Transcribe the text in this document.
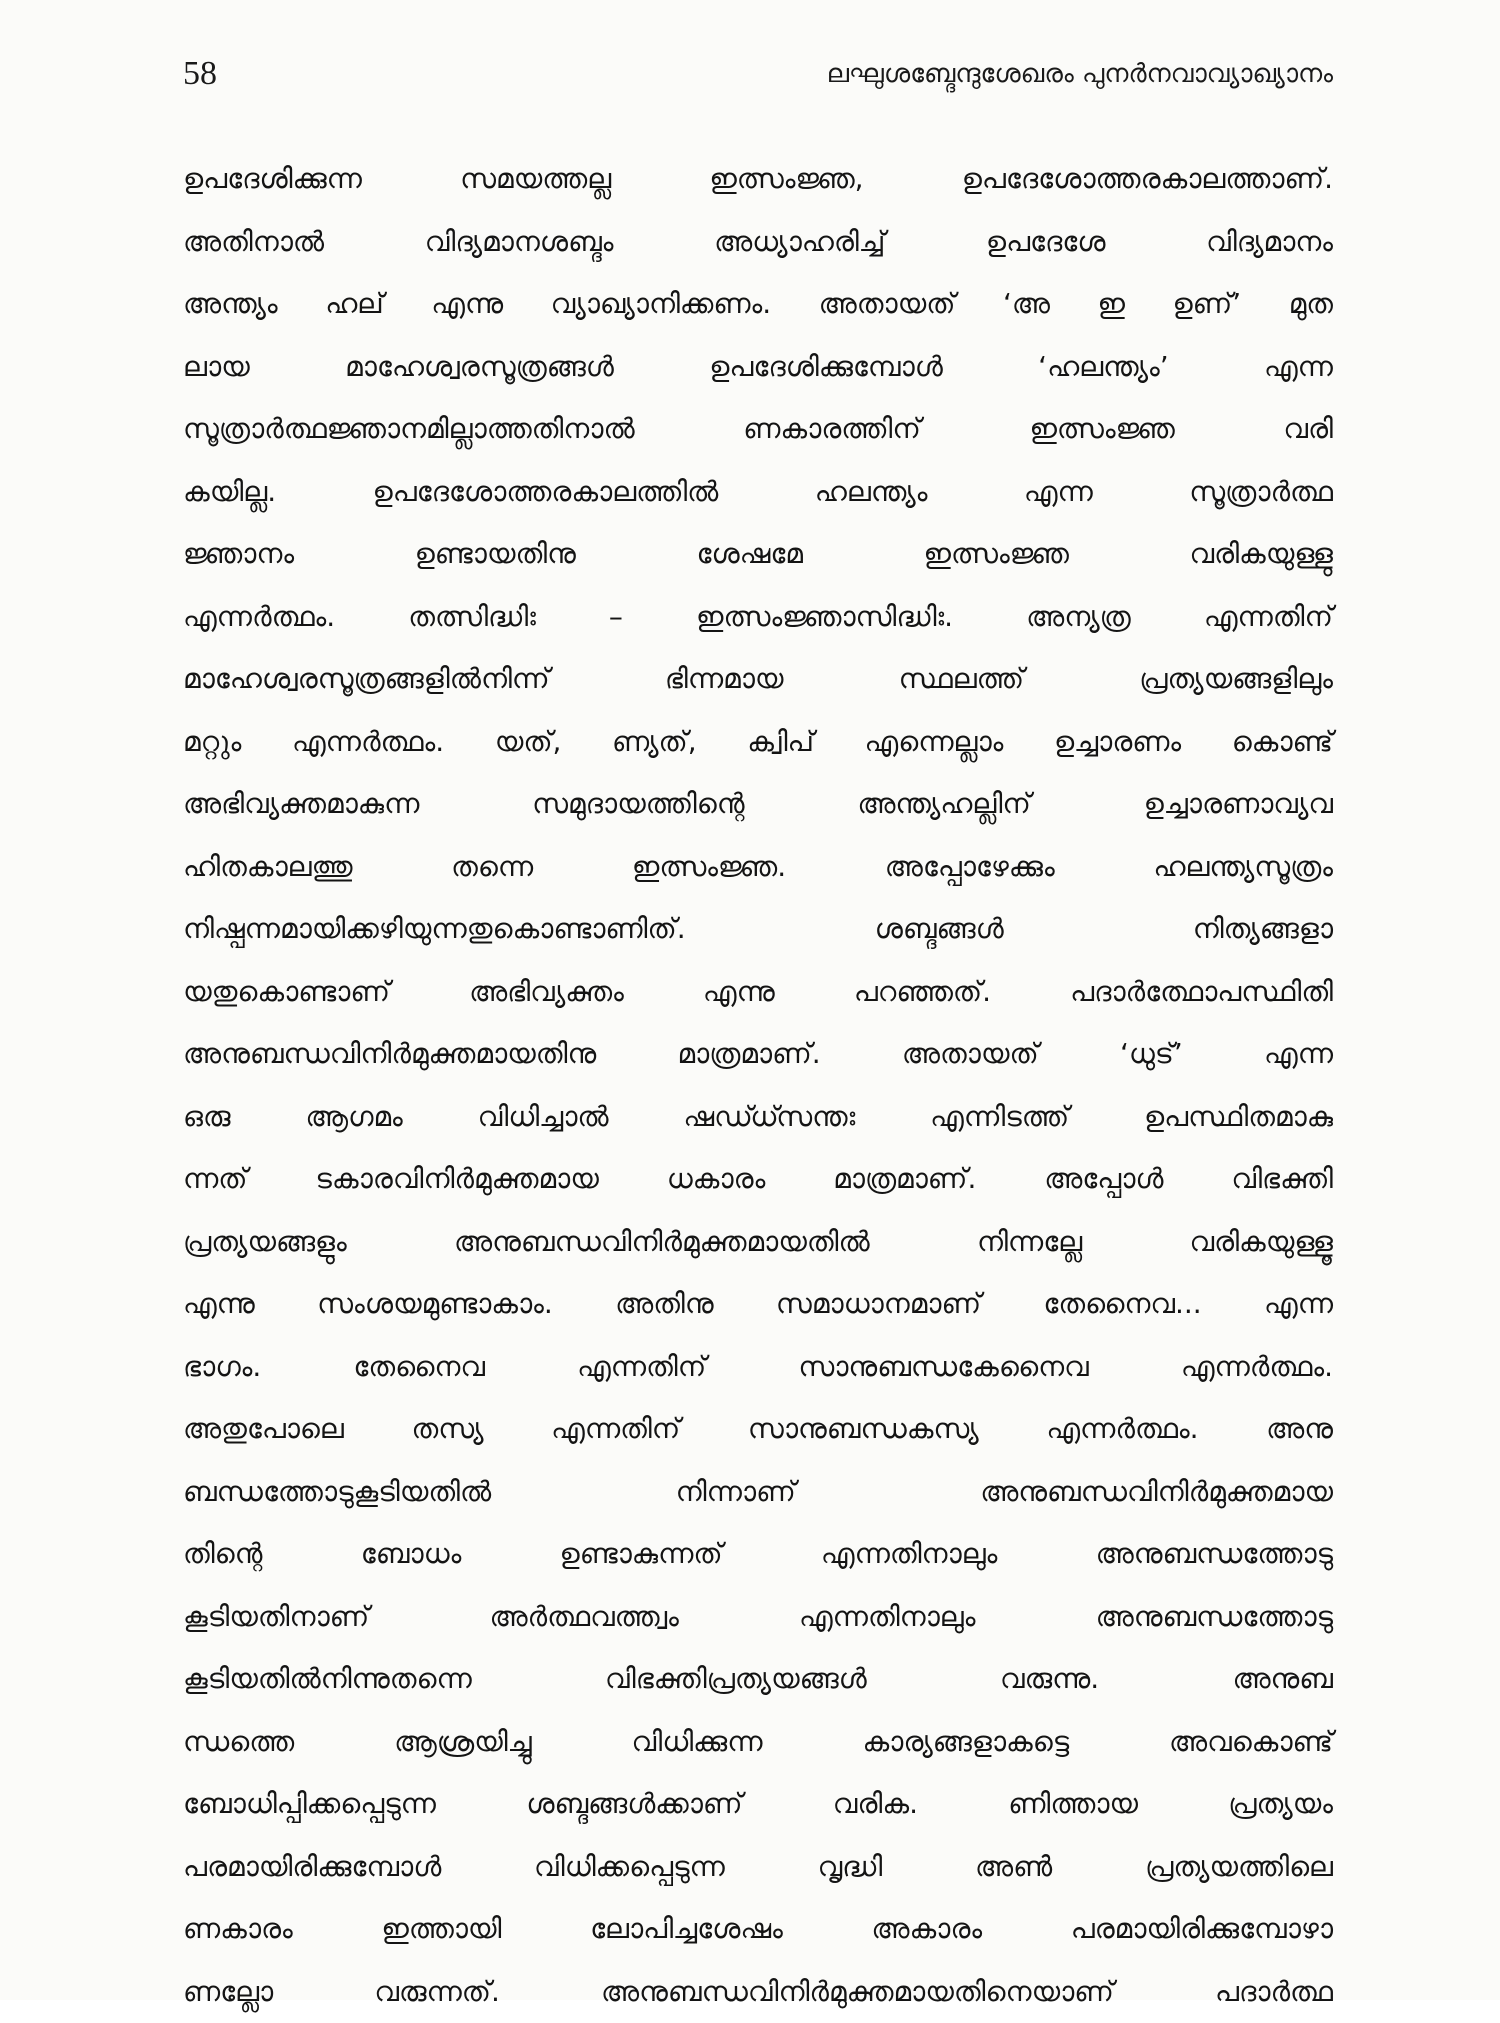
58	ലഘുശബ്ദേന്ദുശേഖരം പുനർനവാവ്യാഖ്യാനം
ഉപദേശിക്കുന്ന സമയത്തല്ല ഇത്സംജ്ഞ, ഉപദേശോത്തരകാലത്താണ്.
അതിനാൽ വിദ്യമാനശബ്ദം അധ്യാഹരിച്ച് ഉപദേശേ വിദ്യമാനം
അന്ത്യം ഹല് എന്നു വ്യാഖ്യാനിക്കണം. അതായത് ‘അ ഇ ഉണ്’ മുത
ലായ മാഹേശ്വരസൂത്രങ്ങൾ ഉപദേശിക്കുമ്പോൾ ‘ഹലന്ത്യം’ എന്ന
സൂത്രാർത്ഥജ്ഞാനമില്ലാത്തതിനാൽ ണകാരത്തിന് ഇത്സംജ്ഞ വരി
കയില്ല. ഉപദേശോത്തരകാലത്തിൽ ഹലന്ത്യം എന്ന സൂത്രാർത്ഥ
ജ്ഞാനം ഉണ്ടായതിനു ശേഷമേ ഇത്സംജ്ഞ വരികയുള്ളു
എന്നർത്ഥം. തത്സിദ്ധിഃ – ഇത്സംജ്ഞാസിദ്ധിഃ. അന്യത്ര എന്നതിന്
മാഹേശ്വരസൂത്രങ്ങളിൽനിന്ന് ഭിന്നമായ സ്ഥലത്ത് പ്രത്യയങ്ങളിലും
മറ്റും എന്നർത്ഥം. യത്, ണ്യത്, ക്വിപ് എന്നെല്ലാം ഉച്ചാരണം കൊണ്ട്
അഭിവ്യക്തമാകുന്ന സമുദായത്തിന്റെ അന്ത്യഹല്ലിന് ഉച്ചാരണാവ്യവ
ഹിതകാലത്തു തന്നെ ഇത്സംജ്ഞ. അപ്പോഴേക്കും ഹലന്ത്യസൂത്രം
നിഷ്പന്നമായിക്കഴിയുന്നതുകൊണ്ടാണിത്. ശബ്ദങ്ങൾ നിത്യങ്ങളാ
യതുകൊണ്ടാണ് അഭിവ്യക്തം എന്നു പറഞ്ഞത്. പദാർത്ഥോപസ്ഥിതി
അനുബന്ധവിനിർമുക്തമായതിനു മാത്രമാണ്. അതായത് ‘ധുട്’ എന്ന
ഒരു ആഗമം വിധിച്ചാൽ ഷഡ്ധ്സന്തഃ എന്നിടത്ത് ഉപസ്ഥിതമാകു
ന്നത് ടകാരവിനിർമുക്തമായ ധകാരം മാത്രമാണ്. അപ്പോൾ വിഭക്തി
പ്രത്യയങ്ങളും അനുബന്ധവിനിർമുക്തമായതിൽ നിന്നല്ലേ വരികയുള്ളൂ
എന്നു സംശയമുണ്ടാകാം. അതിനു സമാധാനമാണ് തേനൈവ... എന്ന
ഭാഗം. തേനൈവ എന്നതിന് സാനുബന്ധകേനൈവ എന്നർത്ഥം.
അതുപോലെ തസ്യ എന്നതിന് സാനുബന്ധകസ്യ എന്നർത്ഥം. അനു
ബന്ധത്തോടുകൂടിയതിൽ നിന്നാണ് അനുബന്ധവിനിർമുക്തമായ
തിന്റെ ബോധം ഉണ്ടാകുന്നത് എന്നതിനാലും അനുബന്ധത്തോടു
കൂടിയതിനാണ് അർത്ഥവത്ത്വം എന്നതിനാലും അനുബന്ധത്തോടു
കൂടിയതിൽനിന്നുതന്നെ വിഭക്തിപ്രത്യയങ്ങൾ വരുന്നു. അനുബ
ന്ധത്തെ ആശ്രയിച്ചു വിധിക്കുന്ന കാര്യങ്ങളാകട്ടെ അവകൊണ്ട്
ബോധിപ്പിക്കപ്പെടുന്ന ശബ്ദങ്ങൾക്കാണ് വരിക. ണിത്തായ പ്രത്യയം
പരമായിരിക്കുമ്പോൾ വിധിക്കപ്പെടുന്ന വൃദ്ധി അൺ പ്രത്യയത്തിലെ
ണകാരം ഇത്തായി ലോപിച്ചശേഷം അകാരം പരമായിരിക്കുമ്പോഴാ
ണല്ലോ വരുന്നത്. അനുബന്ധവിനിർമുക്തമായതിനെയാണ് പദാർത്ഥ
